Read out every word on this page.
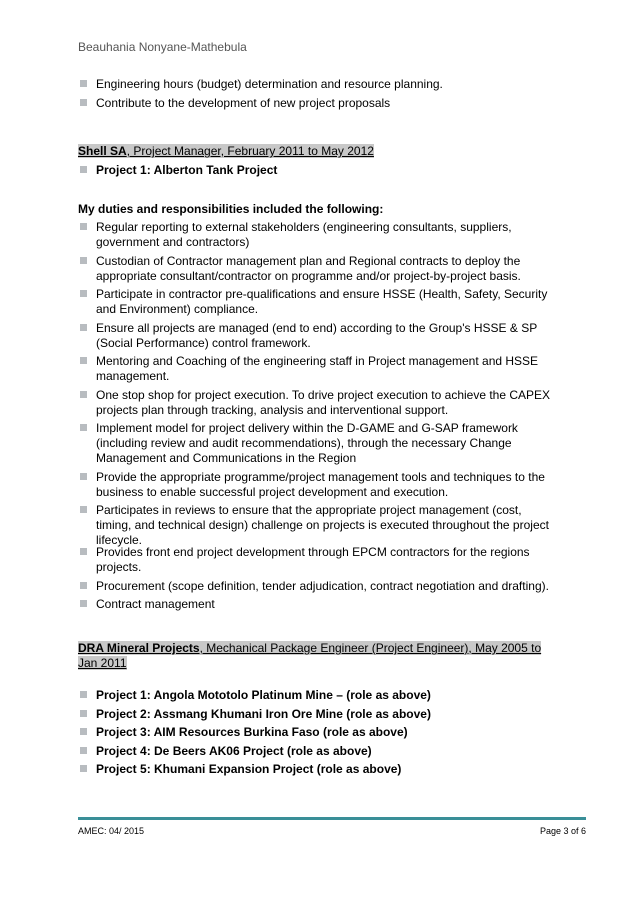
Beauhania Nonyane-Mathebula
Engineering hours (budget) determination and resource planning.
Contribute to the development of new project proposals
Shell SA, Project Manager, February 2011 to May 2012
Project 1: Alberton Tank Project
My duties and responsibilities included the following:
Regular reporting to external stakeholders (engineering consultants, suppliers, government and contractors)
Custodian of Contractor management plan and Regional contracts to deploy the appropriate consultant/contractor on programme and/or project-by-project basis.
Participate in contractor pre-qualifications and ensure HSSE (Health, Safety, Security and Environment) compliance.
Ensure all projects are managed (end to end) according to the Group's HSSE & SP (Social Performance) control framework.
Mentoring and Coaching of the engineering staff in Project management and HSSE management.
One stop shop for project execution. To drive project execution to achieve the CAPEX projects plan through tracking, analysis and interventional support.
Implement model for project delivery within the D-GAME and G-SAP framework (including review and audit recommendations), through the necessary Change Management and Communications in the Region
Provide the appropriate programme/project management tools and techniques to the business to enable successful project development and execution.
Participates in reviews to ensure that the appropriate project management (cost, timing, and technical design) challenge on projects is executed throughout the project lifecycle.
Provides front end project development through EPCM contractors for the regions projects.
Procurement (scope definition, tender adjudication, contract negotiation and drafting).
Contract management
DRA Mineral Projects, Mechanical Package Engineer (Project Engineer), May 2005 to Jan 2011
Project 1: Angola Mototolo Platinum Mine – (role as above)
Project 2: Assmang Khumani Iron Ore Mine (role as above)
Project 3: AIM Resources Burkina Faso (role as above)
Project 4: De Beers AK06 Project (role as above)
Project 5: Khumani Expansion Project (role as above)
AMEC: 04/ 2015	Page 3 of 6
